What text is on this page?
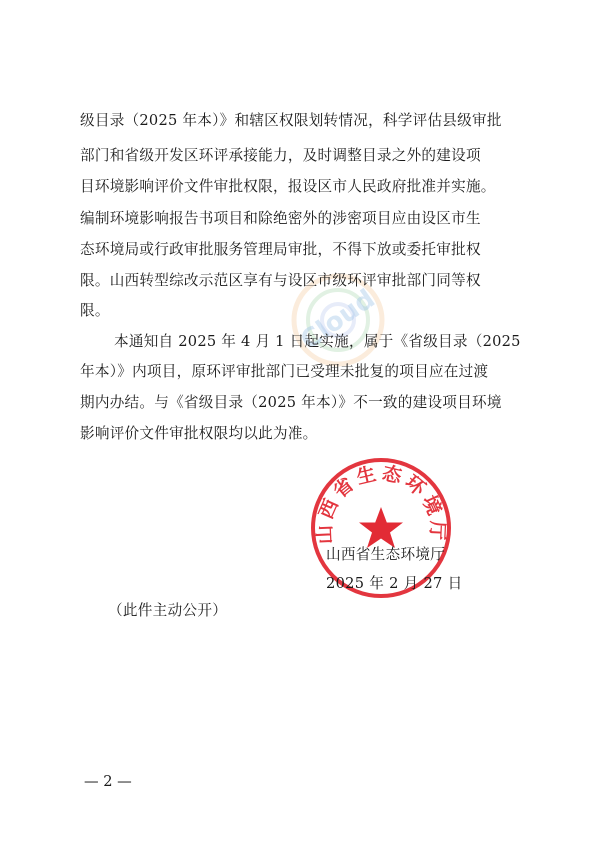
Cloud
级目录（2025 年本）》和辖区权限划转情况，科学评估县级审批
部门和省级开发区环评承接能力，及时调整目录之外的建设项
目环境影响评价文件审批权限，报设区市人民政府批准并实施。
编制环境影响报告书项目和除绝密外的涉密项目应由设区市生
态环境局或行政审批服务管理局审批，不得下放或委托审批权
限。山西转型综改示范区享有与设区市级环评审批部门同等权
限。
本通知自 2025 年 4 月 1 日起实施，属于《省级目录（2025
年本）》内项目，原环评审批部门已受理未批复的项目应在过渡
期内办结。与《省级目录（2025 年本）》不一致的建设项目环境
影响评价文件审批权限均以此为准。
山西省生态环境厅
山西省生态环境厅
2025 年 2 月 27 日
（此件主动公开）
— 2 —
